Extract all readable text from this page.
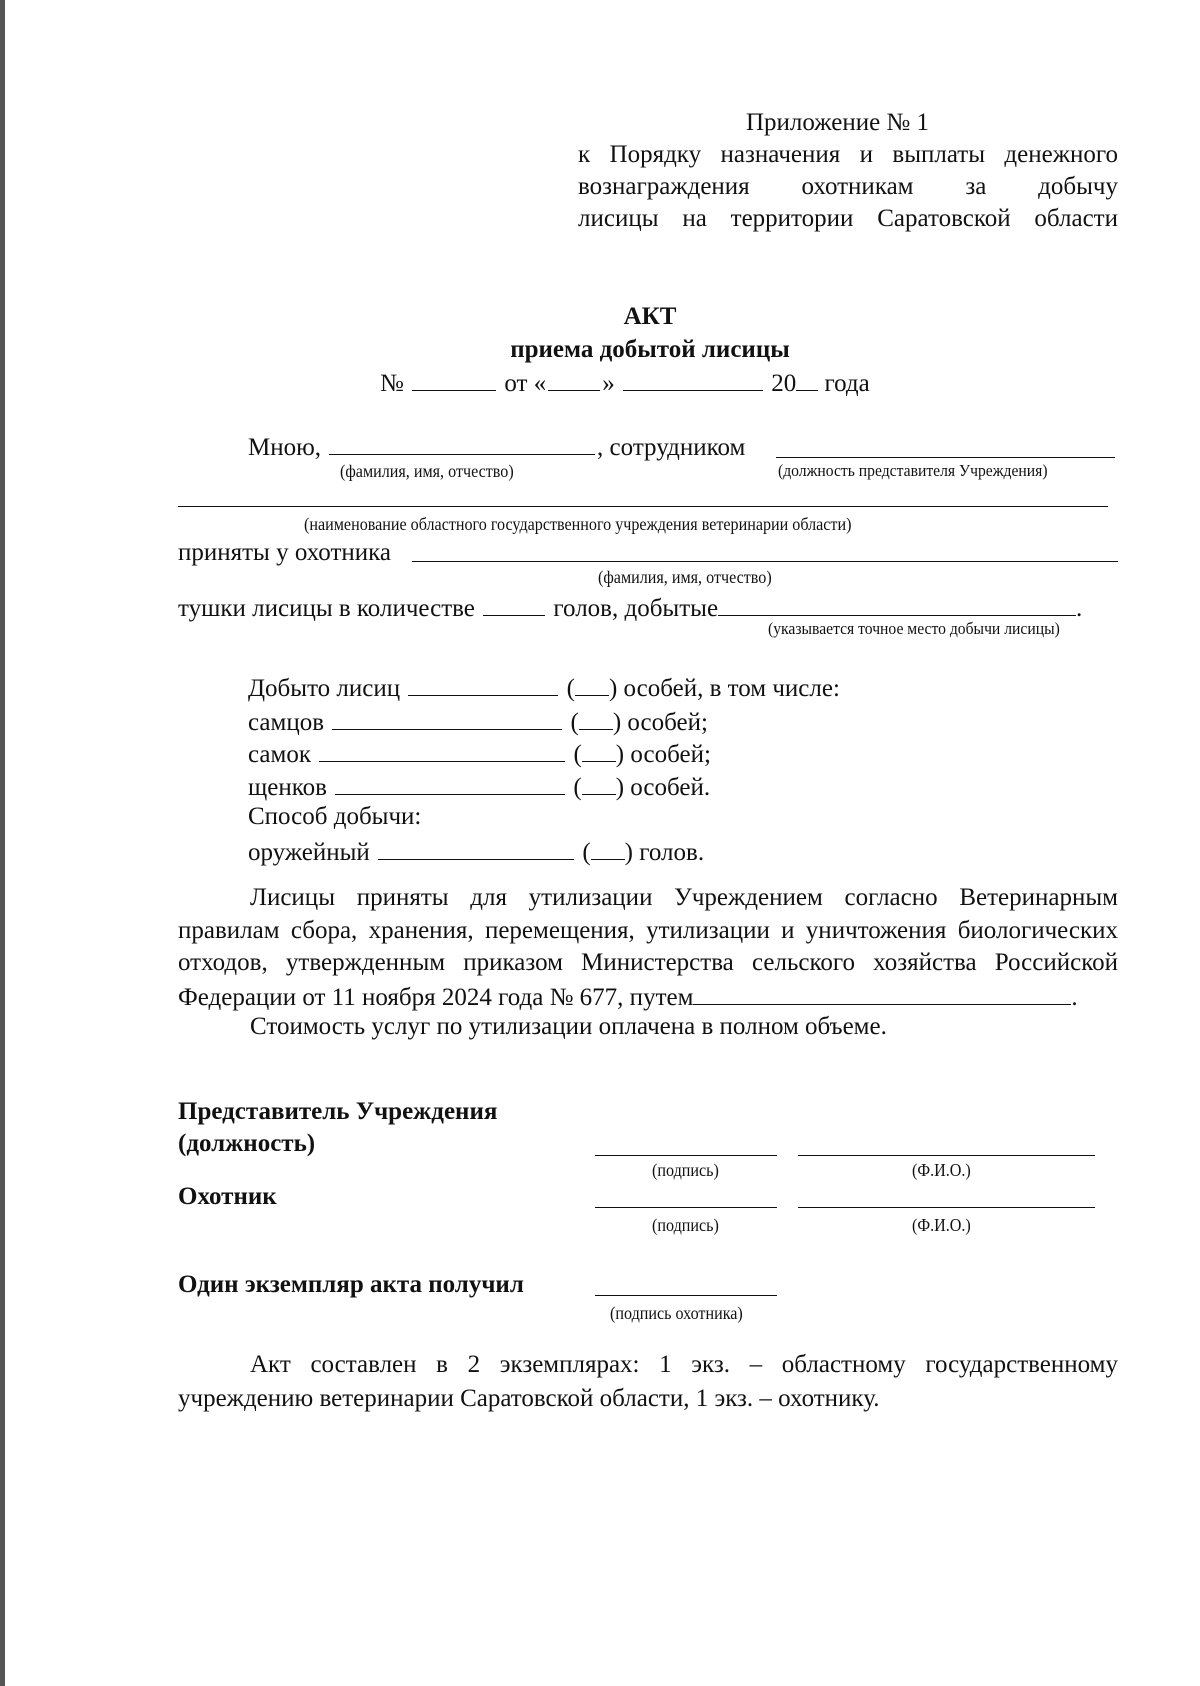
Приложение № 1
к Порядку назначения и выплаты денежного
вознаграждения охотникам за добычу
лисицы на территории Саратовской области
АКТ
приема добытой лисицы
№	от « »	20 года
Мною,	, сотрудником
(фамилия, имя, отчество)	(должность представителя Учреждения)
(наименование областного государственного учреждения ветеринарии области)
приняты у охотника
(фамилия, имя, отчество)
тушки лисицы в количестве	голов, добытые	.
(указывается точное место добычи лисицы)
Добыто лисиц	( ) особей, в том числе:
самцов	( ) особей;
самок	( ) особей;
щенков	( ) особей.
Способ добычи:
оружейный	( ) голов.
Лисицы приняты для утилизации Учреждением согласно Ветеринарным правилам сбора, хранения, перемещения, утилизации и уничтожения биологических отходов, утвержденным приказом Министерства сельского хозяйства Российской Федерации от 11 ноября 2024 года № 677, путем	.
Стоимость услуг по утилизации оплачена в полном объеме.
Представитель Учреждения
(должность)
(подпись)	(Ф.И.О.)
Охотник
(подпись)	(Ф.И.О.)
Один экземпляр акта получил
(подпись охотника)
Акт составлен в 2 экземплярах: 1 экз. – областному государственному учреждению ветеринарии Саратовской области, 1 экз. – охотнику.
